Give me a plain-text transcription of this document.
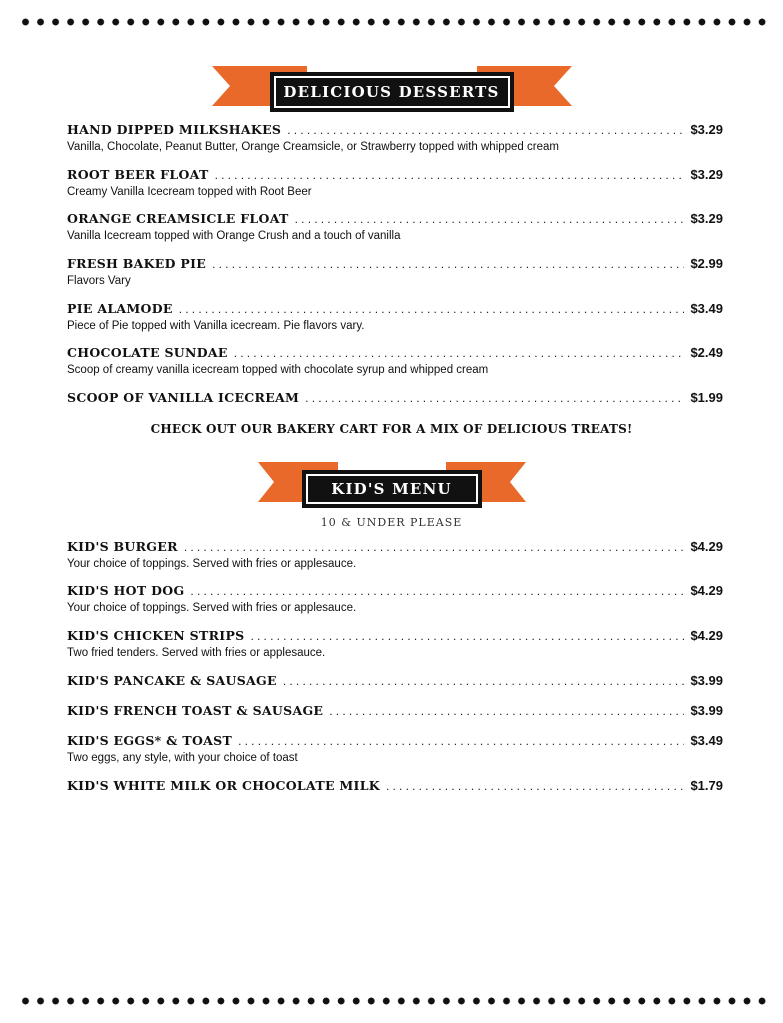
DELICIOUS DESSERTS
HAND DIPPED MILKSHAKES .....	$3.29
Vanilla, Chocolate, Peanut Butter, Orange Creamsicle, or Strawberry topped with whipped cream
ROOT BEER FLOAT .....	$3.29
Creamy Vanilla Icecream topped with Root Beer
ORANGE CREAMSICLE FLOAT .....	$3.29
Vanilla Icecream topped with Orange Crush and a touch of vanilla
FRESH BAKED PIE .....	$2.99
Flavors Vary
PIE ALAMODE .....	$3.49
Piece of Pie topped with Vanilla icecream. Pie flavors vary.
CHOCOLATE SUNDAE .....	$2.49
Scoop of creamy vanilla icecream topped with chocolate syrup and whipped cream
SCOOP OF VANILLA ICECREAM .....	$1.99
CHECK OUT OUR BAKERY CART FOR A MIX OF DELICIOUS TREATS!
KID'S MENU
10 & UNDER PLEASE
KID'S BURGER .....	$4.29
Your choice of toppings. Served with fries or applesauce.
KID'S HOT DOG .....	$4.29
Your choice of toppings. Served with fries or applesauce.
KID'S CHICKEN STRIPS .....	$4.29
Two fried tenders. Served with fries or applesauce.
KID'S PANCAKE & SAUSAGE .....	$3.99
KID'S FRENCH TOAST & SAUSAGE .....	$3.99
KID'S EGGS* & TOAST .....	$3.49
Two eggs, any style, with your choice of toast
KID'S WHITE MILK OR CHOCOLATE MILK .....	$1.79
